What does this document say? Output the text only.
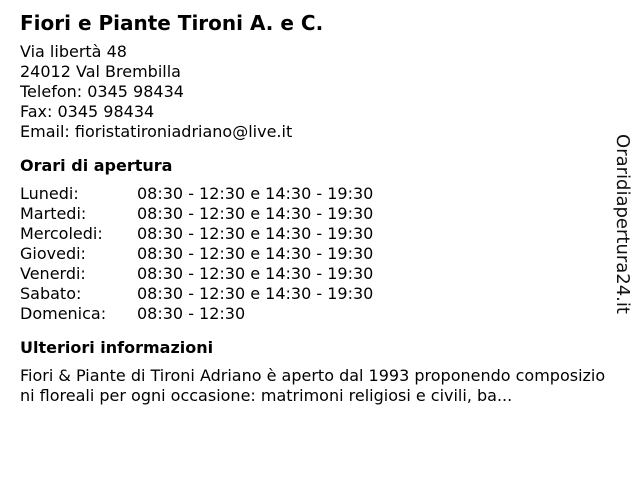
Fiori e Piante Tironi A. e C.
Via libertà 48
24012 Val Brembilla
Telefon: 0345 98434
Fax: 0345 98434
Email: fioristatironiadriano@live.it
Orari di apertura
Lunedi:	08:30 - 12:30 e 14:30 - 19:30
Martedi:	08:30 - 12:30 e 14:30 - 19:30
Mercoledi:	08:30 - 12:30 e 14:30 - 19:30
Giovedi:	08:30 - 12:30 e 14:30 - 19:30
Venerdi:	08:30 - 12:30 e 14:30 - 19:30
Sabato:	08:30 - 12:30 e 14:30 - 19:30
Domenica:	08:30 - 12:30
Ulteriori informazioni
Fiori & Piante di Tironi Adriano è aperto dal 1993 proponendo composizioni floreali per ogni occasione: matrimoni religiosi e civili, ba...
Oraridiapertura24.it
